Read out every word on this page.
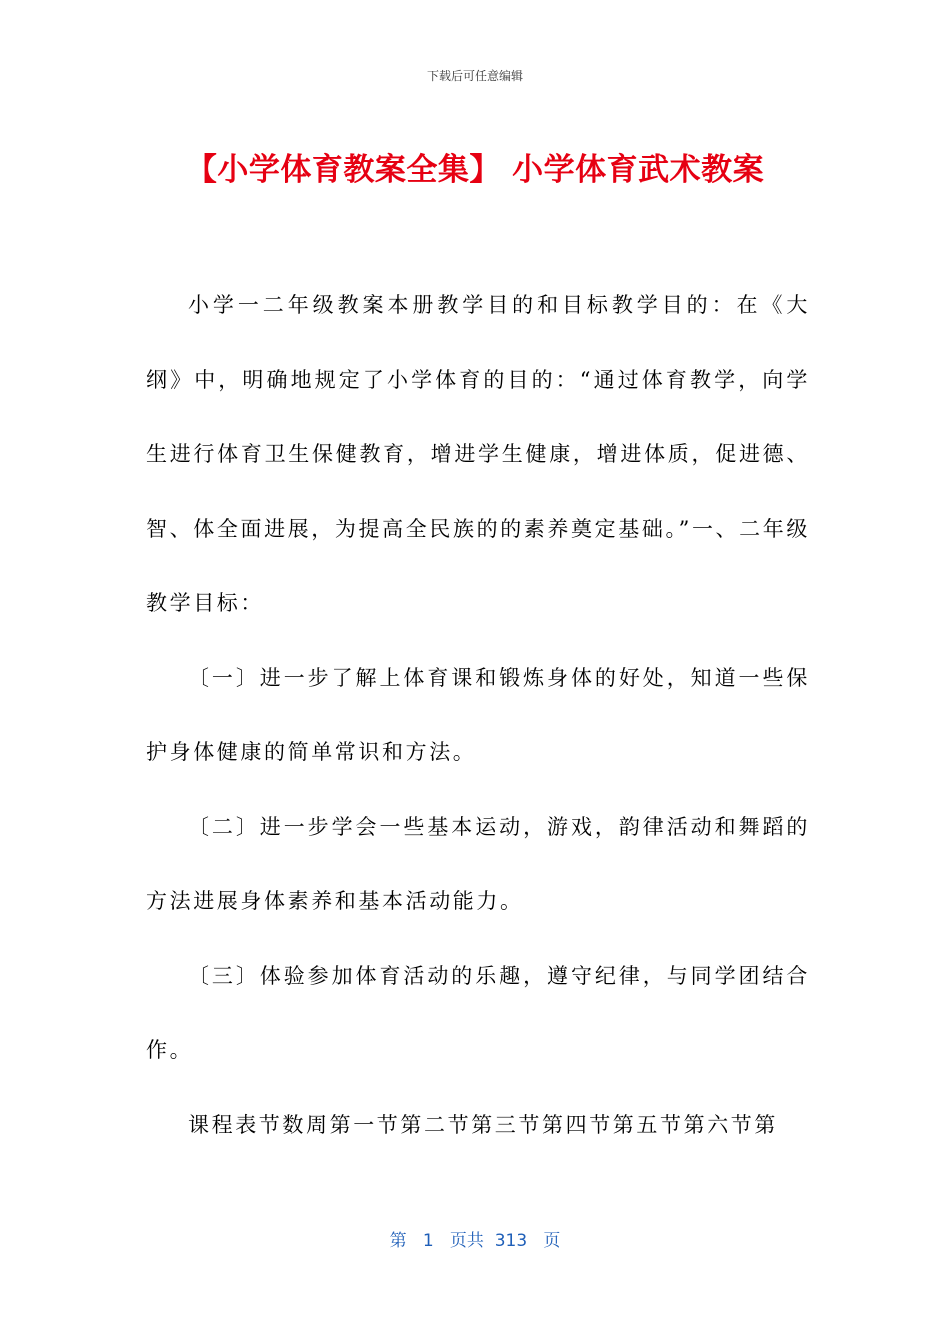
下载后可任意编辑
【小学体育教案全集】 小学体育武术教案

小学一二年级教案本册教学目的和目标教学目的：在《大纲》中，明确地规定了小学体育的目的：“通过体育教学，向学生进行体育卫生保健教育，增进学生健康，增进体质，促进德、智、体全面进展，为提高全民族的的素养奠定基础。”一、二年级教学目标：

〔一〕进一步了解上体育课和锻炼身体的好处，知道一些保护身体健康的简单常识和方法。

〔二〕进一步学会一些基本运动，游戏，韵律活动和舞蹈的方法进展身体素养和基本活动能力。

〔三〕体验参加体育活动的乐趣，遵守纪律，与同学团结合作。

课程表节数周第一节第二节第三节第四节第五节第六节第

第 1 页共 313 页
